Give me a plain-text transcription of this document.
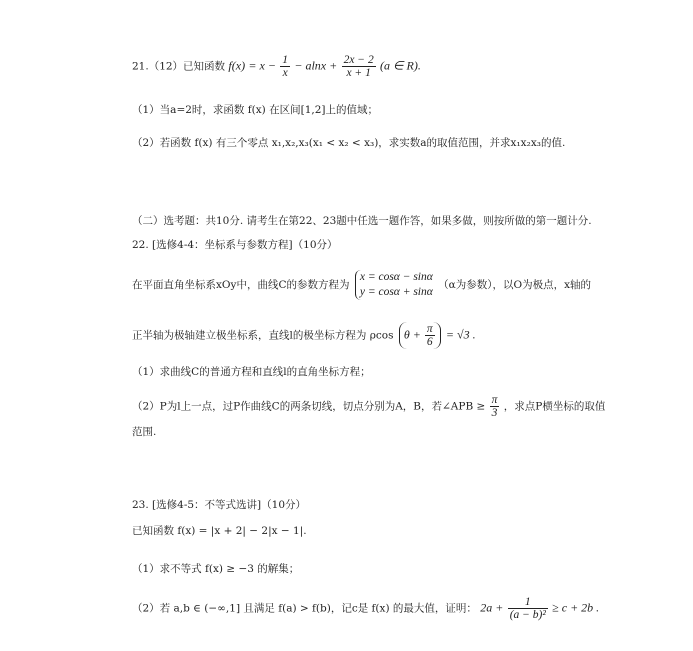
21.（12）已知函数 $f(x) = x - \frac{1}{x} - alnx + \frac{2x - 2}{x + 1} (a$ ∈ R).
（1）当a=2时，求函数 f(x) 在区间[1,2]上的值域；
（2）若函数 f(x) 有三个零点 x₁,x₂,x₃(x₁ < x₂ < x₃)，求实数a的取值范围，并求x₁x₂x₃的值.
（二）选考题：共10分. 请考生在第22、23题中任选一题作答，如果多做，则按所做的第一题计分.
22. [选修4-4：坐标系与参数方程]（10分）
在平面直角坐标系xOy中，曲线C的参数方程为
x = cosα − sinα
y = cosα + sinα
（α为参数），以O为极点，x轴的
正半轴为极轴建立极坐标系，直线l的极坐标方程为 ρcos $\theta + \frac{\pi}{6} = √3$ .
（1）求曲线C的普通方程和直线l的直角坐标方程；
（2）P为l上一点，过P作曲线C的两条切线，切点分别为A，B，若∠APB ≥ $\frac{\pi}{3}$ ，求点P横坐标的取值
范围.
23. [选修4-5：不等式选讲]（10分）
已知函数 f(x) = |x + 2| − 2|x − 1|.
（1）求不等式 f(x) ≥ −3 的解集；
（2）若 a,b ∈ (−∞,1] 且满足 f(a) > f(b)，记c是 f(x) 的最大值，证明： $2a + \frac{1}{\text{(a − b)²}} \ge c + 2b$ .
